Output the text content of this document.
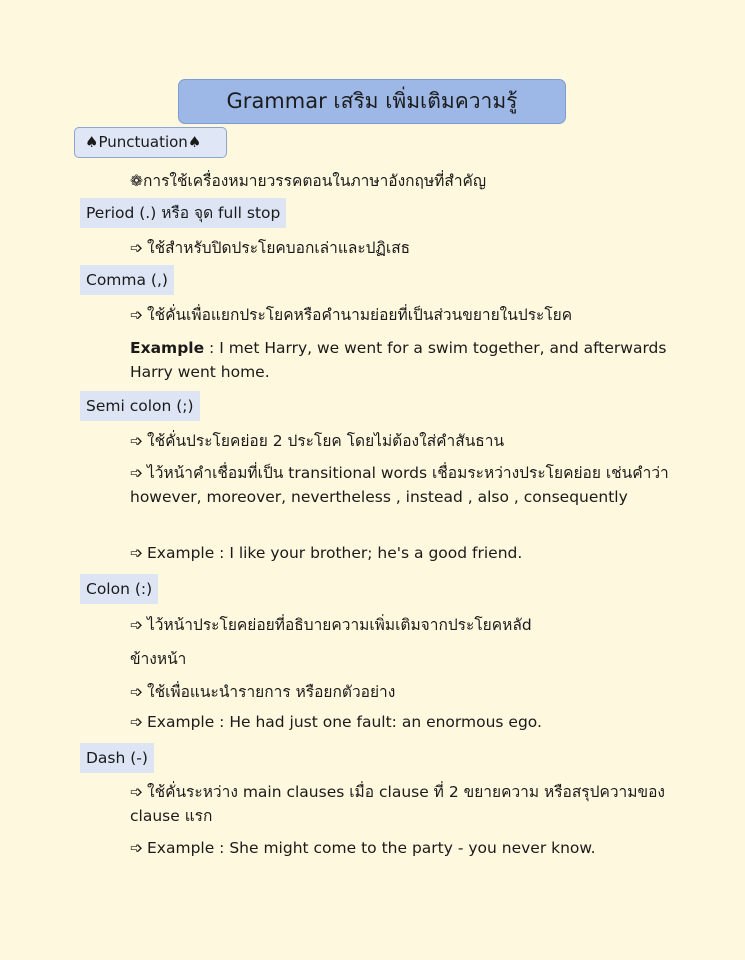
Grammar เสริม เพิ่มเติมความรู้
♠Punctuation♠
❁การใช้เครื่องหมายวรรคตอนในภาษาอังกฤษที่สำคัญ
Period (.) หรือ จุด full stop
➩ ใช้สำหรับปิดประโยคบอกเล่าและปฏิเสธ
Comma (,)
➩ ใช้คั่นเพื่อแยกประโยคหรือคำนามย่อยที่เป็นส่วนขยายในประโยค
Example : I met Harry, we went for a swim together, and afterwards Harry went home.
Semi colon (;)
➩ ใช้คั่นประโยคย่อย 2 ประโยค โดยไม่ต้องใส่คำสันธาน
➩ ไว้หน้าคำเชื่อมที่เป็น transitional words เชื่อมระหว่างประโยคย่อย เช่นคำว่า however, moreover, nevertheless , instead , also , consequently
➩ Example : I like your brother; he's a good friend.
Colon (:)
➩ ไว้หน้าประโยคย่อยที่อธิบายความเพิ่มเติมจากประโยคหลัd
ข้างหน้า
➩ ใช้เพื่อแนะนำรายการ หรือยกตัวอย่าง
➩ Example : He had just one fault: an enormous ego.
Dash (-)
➩ ใช้คั่นระหว่าง main clauses เมื่อ clause ที่ 2 ขยายความ หรือสรุปความของ clause แรก
➩ Example : She might come to the party - you never know.
